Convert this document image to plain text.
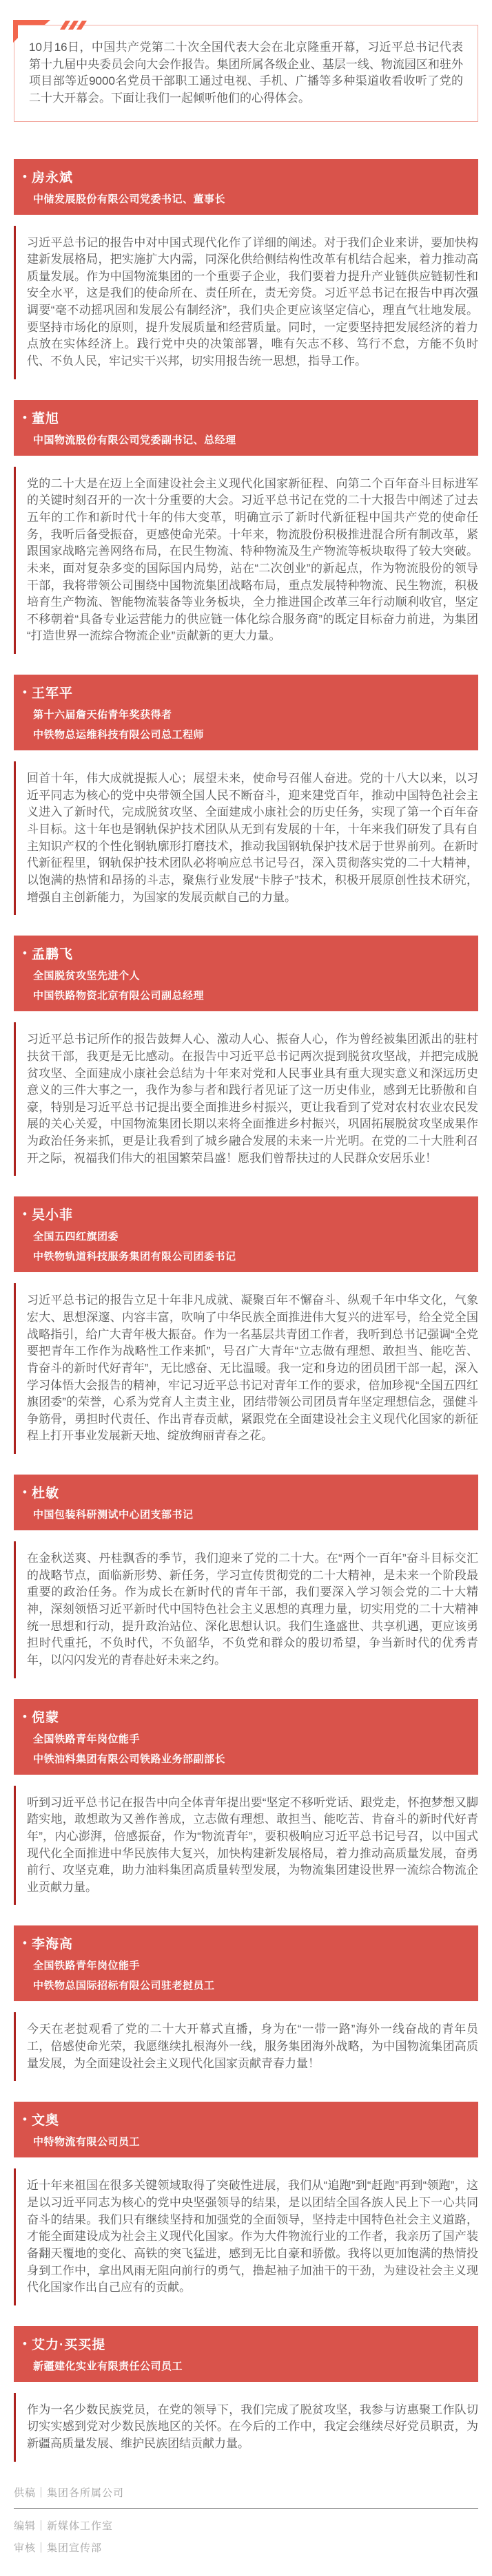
10月16日，中国共产党第二十次全国代表大会在北京隆重开幕，习近平总书记代表第十九届中央委员会向大会作报告。集团所属各级企业、基层一线、物流园区和驻外项目部等近9000名党员干部职工通过电视、手机、广播等多种渠道收看收听了党的二十大开幕会。下面让我们一起倾听他们的心得体会。

• 房永斌
中储发展股份有限公司党委书记、董事长

习近平总书记的报告中对中国式现代化作了详细的阐述。对于我们企业来讲，要加快构建新发展格局，把实施扩大内需，同深化供给侧结构性改革有机结合起来，着力推动高质量发展。作为中国物流集团的一个重要子企业，我们要着力提升产业链供应链韧性和安全水平，这是我们的使命所在、责任所在，责无旁贷。习近平总书记在报告中再次强调要“毫不动摇巩固和发展公有制经济”，我们央企更应该坚定信心，理直气壮地发展。要坚持市场化的原则，提升发展质量和经营质量。同时，一定要坚持把发展经济的着力点放在实体经济上。践行党中央的决策部署，唯有矢志不移、笃行不怠，方能不负时代、不负人民，牢记实干兴邦，切实用报告统一思想，指导工作。

• 董旭
中国物流股份有限公司党委副书记、总经理

党的二十大是在迈上全面建设社会主义现代化国家新征程、向第二个百年奋斗目标进军的关键时刻召开的一次十分重要的大会。习近平总书记在党的二十大报告中阐述了过去五年的工作和新时代十年的伟大变革，明确宣示了新时代新征程中国共产党的使命任务，我听后备受振奋，更感使命光荣。十年来，物流股份积极推进混合所有制改革，紧跟国家战略完善网络布局，在民生物流、特种物流及生产物流等板块取得了较大突破。未来，面对复杂多变的国际国内局势，站在“二次创业”的新起点，作为物流股份的领导干部，我将带领公司围绕中国物流集团战略布局，重点发展特种物流、民生物流，积极培育生产物流、智能物流装备等业务板块，全力推进国企改革三年行动顺利收官，坚定不移朝着“具备专业运营能力的供应链一体化综合服务商”的既定目标奋力前进，为集团“打造世界一流综合物流企业”贡献新的更大力量。

• 王军平
第十六届詹天佑青年奖获得者
中铁物总运维科技有限公司总工程师

回首十年，伟大成就提振人心；展望未来，使命号召催人奋进。党的十八大以来，以习近平同志为核心的党中央带领全国人民不断奋斗，迎来建党百年，推动中国特色社会主义进入了新时代，完成脱贫攻坚、全面建成小康社会的历史任务，实现了第一个百年奋斗目标。这十年也是钢轨保护技术团队从无到有发展的十年，十年来我们研发了具有自主知识产权的个性化钢轨廓形打磨技术，推动我国钢轨保护技术居于世界前列。在新时代新征程里，钢轨保护技术团队必将响应总书记号召，深入贯彻落实党的二十大精神，以饱满的热情和昂扬的斗志，聚焦行业发展“卡脖子”技术，积极开展原创性技术研究，增强自主创新能力，为国家的发展贡献自己的力量。

• 孟鹏飞
全国脱贫攻坚先进个人
中国铁路物资北京有限公司副总经理

习近平总书记所作的报告鼓舞人心、激动人心、振奋人心，作为曾经被集团派出的驻村扶贫干部，我更是无比感动。在报告中习近平总书记两次提到脱贫攻坚战，并把完成脱贫攻坚、全面建成小康社会总结为十年来对党和人民事业具有重大现实意义和深远历史意义的三件大事之一，我作为参与者和践行者见证了这一历史伟业，感到无比骄傲和自豪，特别是习近平总书记提出要全面推进乡村振兴，更让我看到了党对农村农业农民发展的关心关爱，中国物流集团长期以来将全面推进乡村振兴，巩固拓展脱贫攻坚成果作为政治任务来抓，更是让我看到了城乡融合发展的未来一片光明。在党的二十大胜利召开之际，祝福我们伟大的祖国繁荣昌盛！愿我们曾帮扶过的人民群众安居乐业！

• 吴小菲
全国五四红旗团委
中铁物轨道科技服务集团有限公司团委书记

习近平总书记的报告立足十年非凡成就、凝聚百年不懈奋斗、纵观千年中华文化，气象宏大、思想深邃、内容丰富，吹响了中华民族全面推进伟大复兴的进军号，给全党全国战略指引，给广大青年极大振奋。作为一名基层共青团工作者，我听到总书记强调“全党要把青年工作作为战略性工作来抓”，号召广大青年“立志做有理想、敢担当、能吃苦、肯奋斗的新时代好青年”，无比感奋、无比温暖。我一定和身边的团员团干部一起，深入学习体悟大会报告的精神，牢记习近平总书记对青年工作的要求，倍加珍视“全国五四红旗团委”的荣誉，心系为党育人主责主业，团结带领公司团员青年坚定理想信念，强健斗争筋骨，勇担时代责任、作出青春贡献，紧跟党在全面建设社会主义现代化国家的新征程上打开事业发展新天地、绽放绚丽青春之花。

• 杜敏
中国包装科研测试中心团支部书记

在金秋送爽、丹桂飘香的季节，我们迎来了党的二十大。在“两个一百年”奋斗目标交汇的战略节点，面临新形势、新任务，学习宣传贯彻党的二十大精神，是未来一个阶段最重要的政治任务。作为成长在新时代的青年干部，我们要深入学习领会党的二十大精神，深刻领悟习近平新时代中国特色社会主义思想的真理力量，切实用党的二十大精神统一思想和行动，提升政治站位、深化思想认识。我们生逢盛世、共享机遇，更应该勇担时代重托，不负时代，不负韶华，不负党和群众的殷切希望，争当新时代的优秀青年，以闪闪发光的青春赴好未来之约。

• 倪蒙
全国铁路青年岗位能手
中铁油料集团有限公司铁路业务部副部长

听到习近平总书记在报告中向全体青年提出要“坚定不移听党话、跟党走，怀抱梦想又脚踏实地，敢想敢为又善作善成，立志做有理想、敢担当、能吃苦、肯奋斗的新时代好青年”，内心澎湃，倍感振奋，作为“物流青年”，要积极响应习近平总书记号召，以中国式现代化全面推进中华民族伟大复兴，加快构建新发展格局，着力推动高质量发展，奋勇前行、攻坚克难，助力油料集团高质量转型发展，为物流集团建设世界一流综合物流企业贡献力量。

• 李海高
全国铁路青年岗位能手
中铁物总国际招标有限公司驻老挝员工

今天在老挝观看了党的二十大开幕式直播，身为在“一带一路”海外一线奋战的青年员工，倍感使命光荣，我愿继续扎根海外一线，服务集团海外战略，为中国物流集团高质量发展，为全面建设社会主义现代化国家贡献青春力量！

• 文奥
中特物流有限公司员工

近十年来祖国在很多关键领域取得了突破性进展，我们从“追跑”到“赶跑”再到“领跑”，这是以习近平同志为核心的党中央坚强领导的结果，是以团结全国各族人民上下一心共同奋斗的结果。我们只有继续坚持和加强党的全面领导，坚持走中国特色社会主义道路，才能全面建设成为社会主义现代化国家。作为大件物流行业的工作者，我亲历了国产装备翻天覆地的变化、高铁的突飞猛进，感到无比自豪和骄傲。我将以更加饱满的热情投身到工作中，拿出风雨无阻向前行的勇气，撸起袖子加油干的干劲，为建设社会主义现代化国家作出自己应有的贡献。

• 艾力·买买提
新疆建化实业有限责任公司员工

作为一名少数民族党员，在党的领导下，我们完成了脱贫攻坚，我参与访惠聚工作队切切实实感到党对少数民族地区的关怀。在今后的工作中，我定会继续尽好党员职责，为新疆高质量发展、维护民族团结贡献力量。

供稿｜集团各所属公司

编辑｜新媒体工作室

审核｜集团宣传部
